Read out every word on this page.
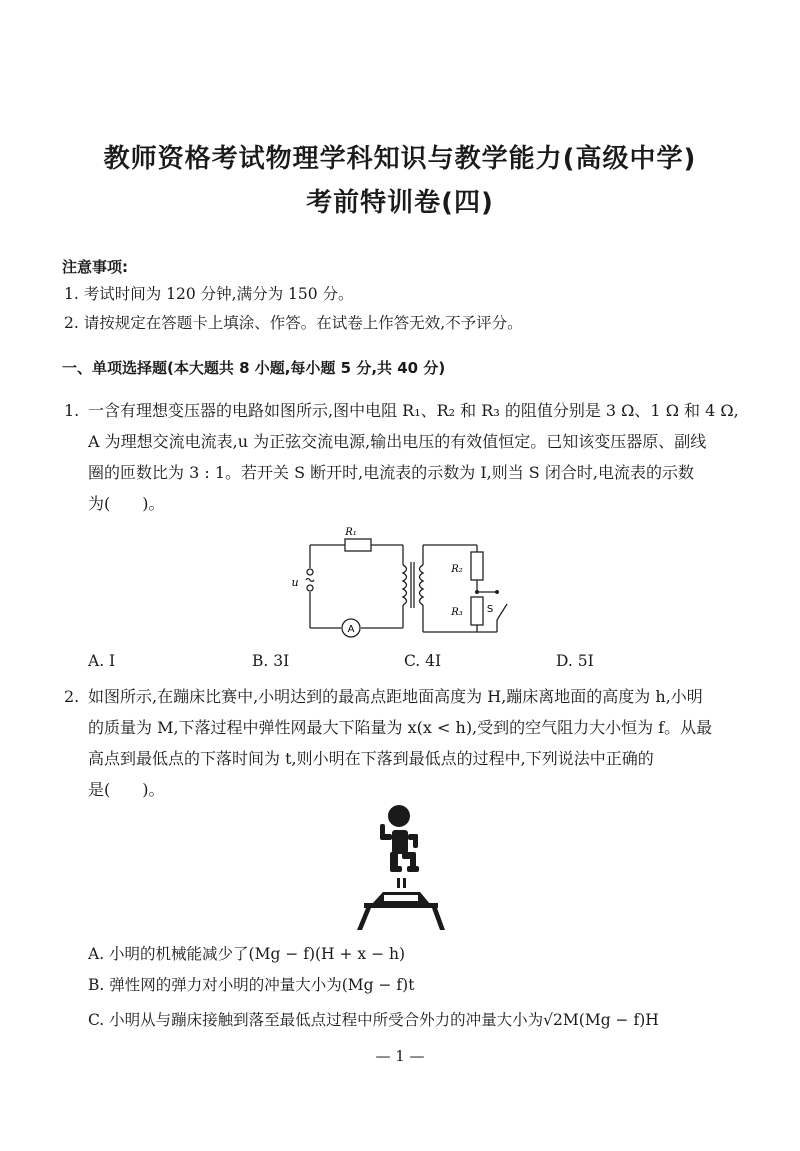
教师资格考试物理学科知识与教学能力(高级中学)
考前特训卷(四)
注意事项:
1. 考试时间为 120 分钟,满分为 150 分。
2. 请按规定在答题卡上填涂、作答。在试卷上作答无效,不予评分。
一、单项选择题(本大题共 8 小题,每小题 5 分,共 40 分)
1. 一含有理想变压器的电路如图所示,图中电阻 R₁、R₂ 和 R₃ 的阻值分别是 3 Ω、1 Ω 和 4 Ω,
A 为理想交流电流表,u 为正弦交流电源,输出电压的有效值恒定。已知该变压器原、副线
圈的匝数比为 3 : 1。若开关 S 断开时,电流表的示数为 I,则当 S 闭合时,电流表的示数
为(　　)。
R₁
R₂
R₃
u
A
S
A. I	B. 3I	C. 4I	D. 5I
2. 如图所示,在蹦床比赛中,小明达到的最高点距地面高度为 H,蹦床离地面的高度为 h,小明
的质量为 M,下落过程中弹性网最大下陷量为 x(x < h),受到的空气阻力大小恒为 f。从最
高点到最低点的下落时间为 t,则小明在下落到最低点的过程中,下列说法中正确的
是(　　)。
A. 小明的机械能减少了(Mg − f)(H + x − h)
B. 弹性网的弹力对小明的冲量大小为(Mg − f)t
C. 小明从与蹦床接触到落至最低点过程中所受合外力的冲量大小为√2M(Mg − f)H
— 1 —
